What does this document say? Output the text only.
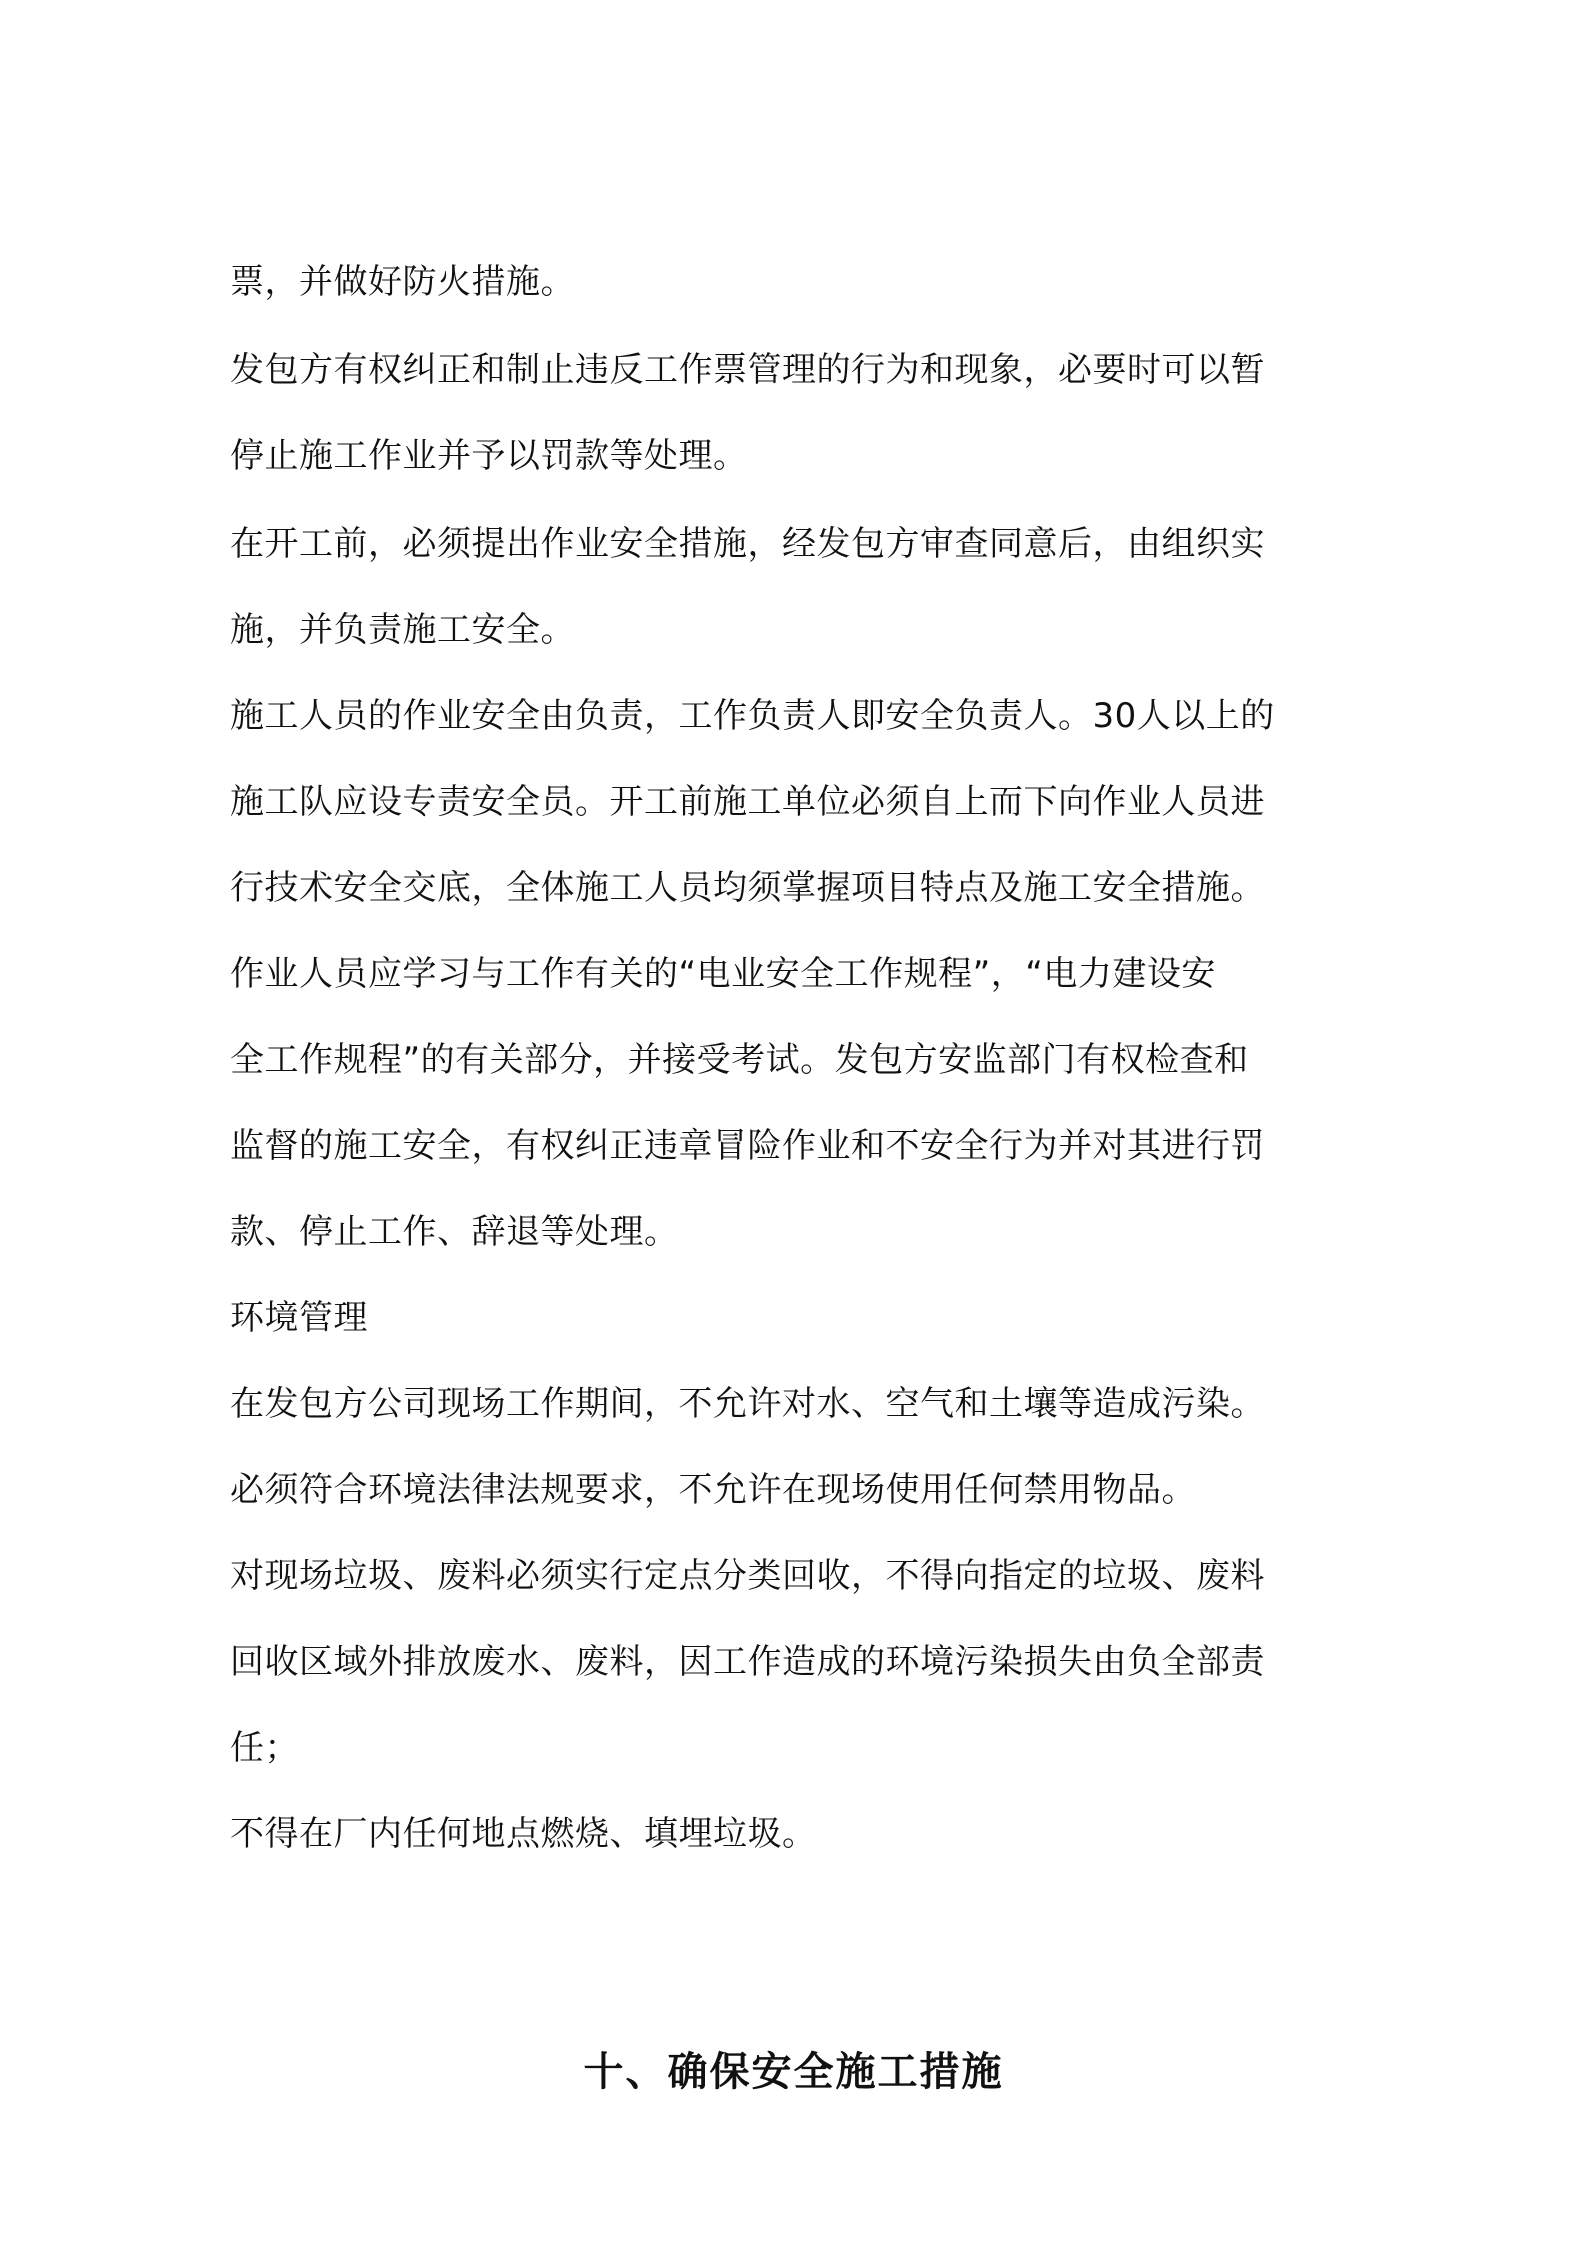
票，并做好防火措施。

发包方有权纠正和制止违反工作票管理的行为和现象，必要时可以暂

停止施工作业并予以罚款等处理。

在开工前，必须提出作业安全措施，经发包方审查同意后，由组织实

施，并负责施工安全。

施工人员的作业安全由负责，工作负责人即安全负责人。30人以上的

施工队应设专责安全员。开工前施工单位必须自上而下向作业人员进

行技术安全交底，全体施工人员均须掌握项目特点及施工安全措施。

作业人员应学习与工作有关的“电业安全工作规程”，“电力建设安

全工作规程”的有关部分，并接受考试。发包方安监部门有权检查和

监督的施工安全，有权纠正违章冒险作业和不安全行为并对其进行罚

款、停止工作、辞退等处理。

环境管理

在发包方公司现场工作期间，不允许对水、空气和土壤等造成污染。

必须符合环境法律法规要求，不允许在现场使用任何禁用物品。

对现场垃圾、废料必须实行定点分类回收，不得向指定的垃圾、废料

回收区域外排放废水、废料，因工作造成的环境污染损失由负全部责

任；

不得在厂内任何地点燃烧、填埋垃圾。

十、确保安全施工措施
